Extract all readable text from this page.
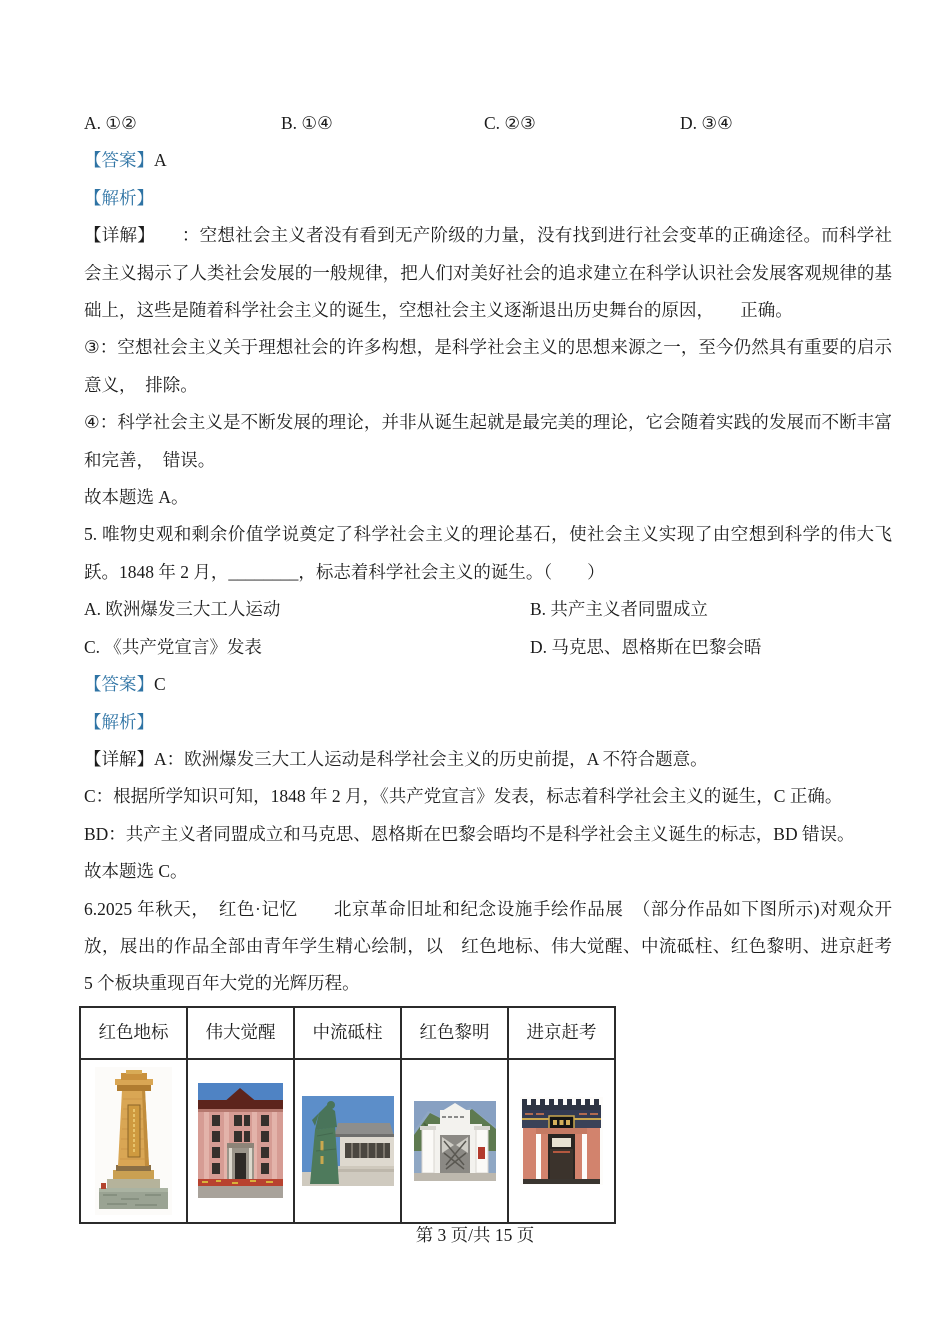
A. ①②	B. ①④	C. ②③	D. ③④

【答案】A

【解析】

【详解】　　：空想社会主义者没有看到无产阶级的力量，没有找到进行社会变革的正确途径。而科学社会主义揭示了人类社会发展的一般规律，把人们对美好社会的追求建立在科学认识社会发展客观规律的基础上，这些是随着科学社会主义的诞生，空想社会主义逐渐退出历史舞台的原因，　　正确。

③：空想社会主义关于理想社会的许多构想，是科学社会主义的思想来源之一，至今仍然具有重要的启示意义，　排除。

④：科学社会主义是不断发展的理论，并非从诞生起就是最完美的理论，它会随着实践的发展而不断丰富和完善，　错误。

故本题选 A。

5. 唯物史观和剩余价值学说奠定了科学社会主义的理论基石，使社会主义实现了由空想到科学的伟大飞跃。1848 年 2 月，________，标志着科学社会主义的诞生。（　　）

A. 欧洲爆发三大工人运动	B. 共产主义者同盟成立
C. 《共产党宣言》发表	D. 马克思、恩格斯在巴黎会晤

【答案】C

【解析】

【详解】A：欧洲爆发三大工人运动是科学社会主义的历史前提，A 不符合题意。

C：根据所学知识可知，1848 年 2 月，《共产党宣言》发表，标志着科学社会主义的诞生，C 正确。

BD：共产主义者同盟成立和马克思、恩格斯在巴黎会晤均不是科学社会主义诞生的标志，BD 错误。

故本题选 C。

6.2025 年秋天，　红色·记忆　　北京革命旧址和纪念设施手绘作品展　（部分作品如下图所示)对观众开放，展出的作品全部由青年学生精心绘制，以　红色地标、伟大觉醒、中流砥柱、红色黎明、进京赶考　 5 个板块重现百年大党的光辉历程。

红色地标	伟大觉醒	中流砥柱	红色黎明	进京赶考

第 3 页/共 15 页
